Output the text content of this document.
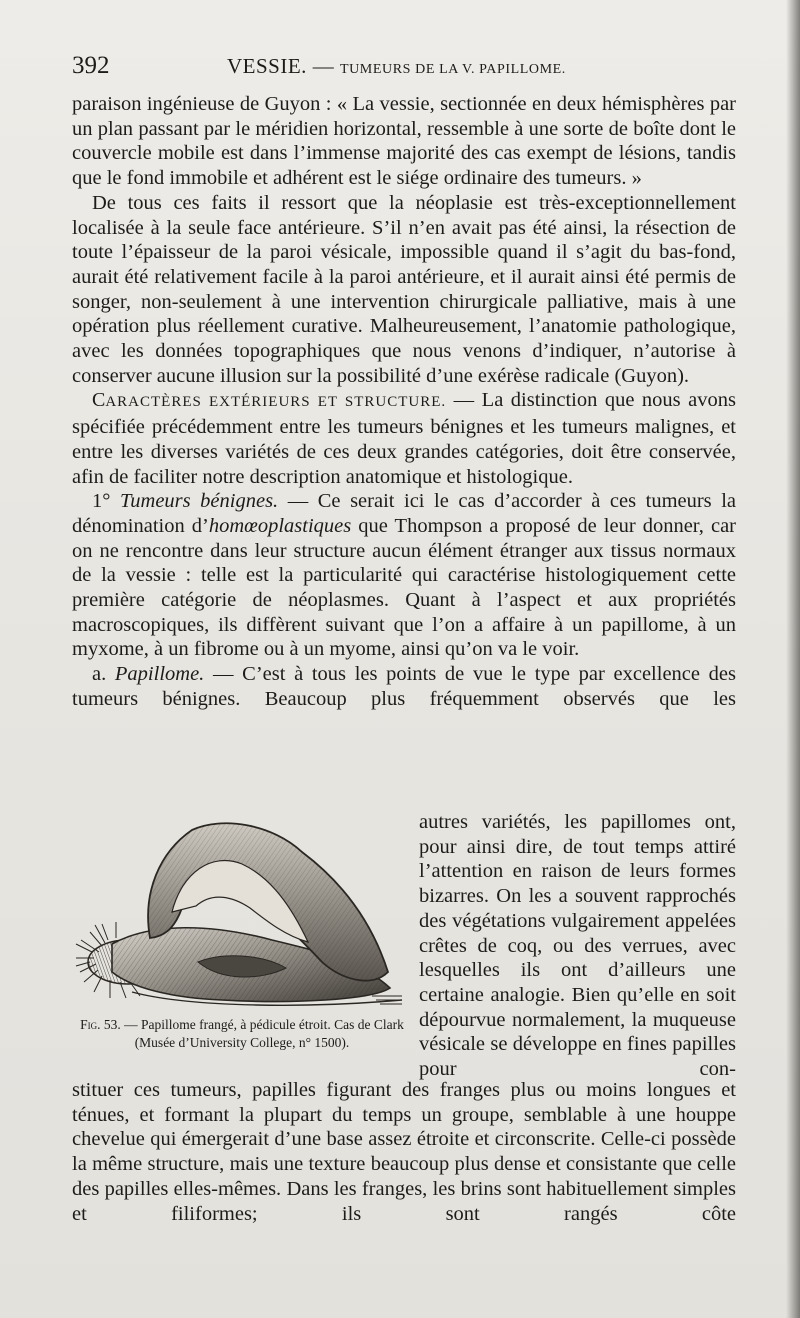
392	VESSIE. — TUMEURS DE LA V. PAPILLOME.

paraison ingénieuse de Guyon : « La vessie, sectionnée en deux hémisphères par un plan passant par le méridien horizontal, ressemble à une sorte de boîte dont le couvercle mobile est dans l’immense majorité des cas exempt de lésions, tandis que le fond immobile et adhérent est le siége ordinaire des tumeurs. »

De tous ces faits il ressort que la néoplasie est très-exceptionnellement localisée à la seule face antérieure. S’il n’en avait pas été ainsi, la résection de toute l’épaisseur de la paroi vésicale, impossible quand il s’agit du bas-fond, aurait été relativement facile à la paroi antérieure, et il aurait ainsi été permis de songer, non-seulement à une intervention chirurgicale palliative, mais à une opération plus réellement curative. Malheureusement, l’anatomie pathologique, avec les données topographiques que nous venons d’indiquer, n’autorise à conserver aucune illusion sur la possibilité d’une exérèse radicale (Guyon).

CARACTÈRES EXTÉRIEURS ET STRUCTURE. — La distinction que nous avons spécifiée précédemment entre les tumeurs bénignes et les tumeurs malignes, et entre les diverses variétés de ces deux grandes catégories, doit être conservée, afin de faciliter notre description anatomique et histologique.

1° Tumeurs bénignes. — Ce serait ici le cas d’accorder à ces tumeurs la dénomination d’homœoplastiques que Thompson a proposé de leur donner, car on ne rencontre dans leur structure aucun élément étranger aux tissus normaux de la vessie : telle est la particularité qui caractérise histologiquement cette première catégorie de néoplasmes. Quant à l’aspect et aux propriétés macroscopiques, ils diffèrent suivant que l’on a affaire à un papillome, à un myxome, à un fibrome ou à un myome, ainsi qu’on va le voir.

a. Papillome. — C’est à tous les points de vue le type par excellence des tumeurs bénignes. Beaucoup plus fréquemment observés que les

Fig. 53. — Papillome frangé, à pédicule étroit. Cas de Clark (Musée d’University College, n° 1500).

autres variétés, les papillomes ont, pour ainsi dire, de tout temps attiré l’attention en raison de leurs formes bizarres. On les a souvent rapprochés des végétations vulgairement appelées crêtes de coq, ou des verrues, avec lesquelles ils ont d’ailleurs une certaine analogie. Bien qu’elle en soit dépourvue normalement, la muqueuse vésicale se développe en fines papilles pour con-

stituer ces tumeurs, papilles figurant des franges plus ou moins longues et ténues, et formant la plupart du temps un groupe, semblable à une houppe chevelue qui émergerait d’une base assez étroite et circonscrite. Celle-ci possède la même structure, mais une texture beaucoup plus dense et consistante que celle des papilles elles-mêmes. Dans les franges, les brins sont habituellement simples et filiformes; ils sont rangés côte
